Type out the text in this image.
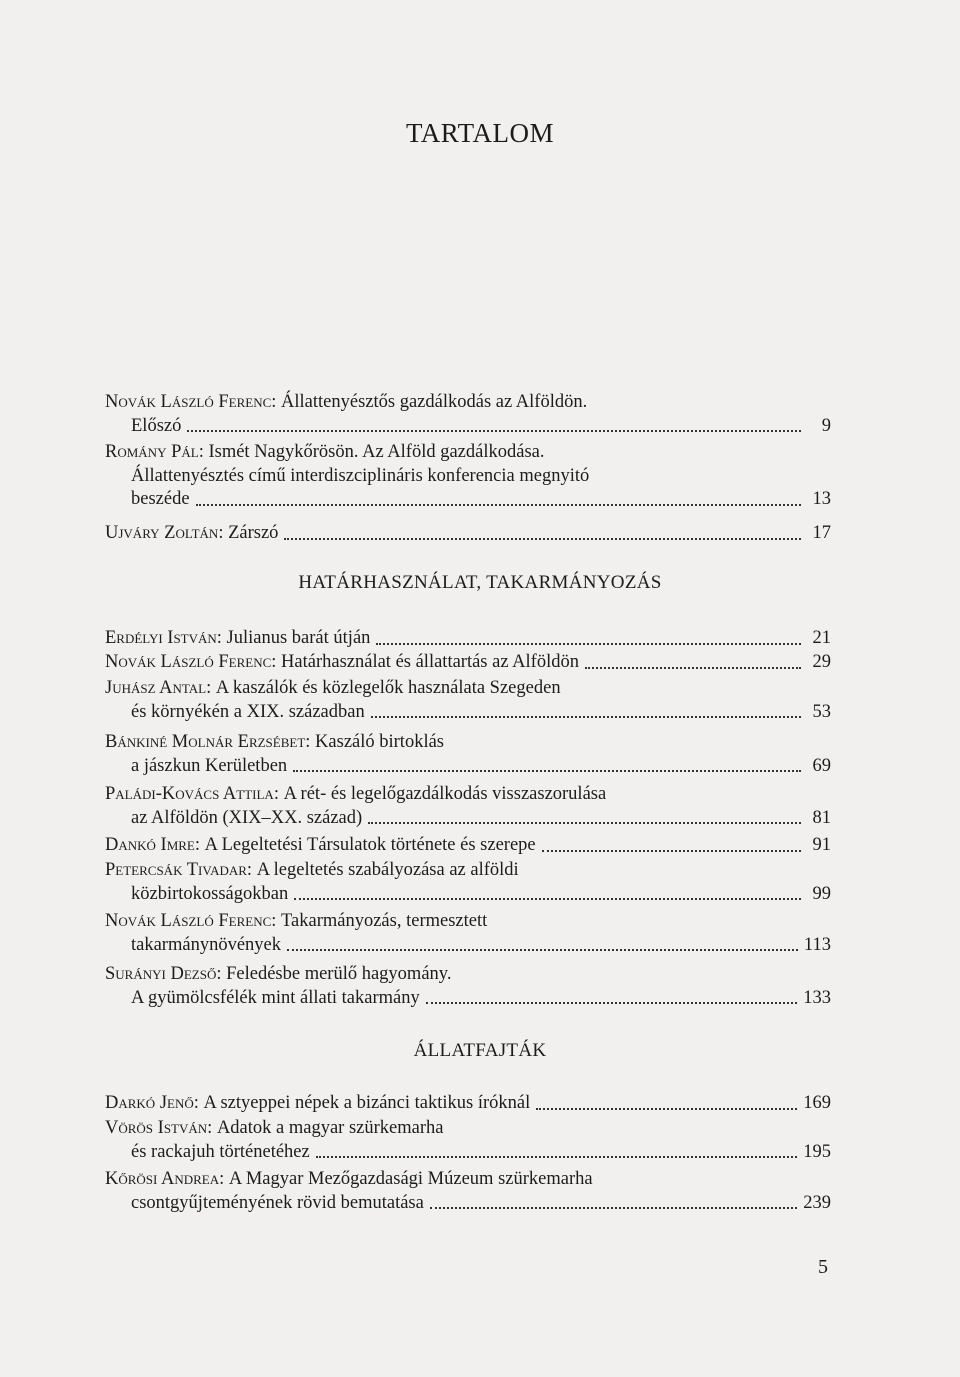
TARTALOM
Novák László Ferenc:
Állattenyésztős gazdálkodás az Alföldön.
Előszó	9
Romány Pál:
Ismét Nagykőrösön. Az Alföld gazdálkodása.
Állattenyésztés című interdiszciplináris konferencia megnyitó
beszéde	13
Ujváry Zoltán:
Zárszó	17
HATÁRHASZNÁLAT, TAKARMÁNYOZÁS
Erdélyi István:
Julianus barát útján	21
Novák László Ferenc:
Határhasználat és állattartás az Alföldön	29
Juhász Antal:
A kaszálók és közlegelők használata Szegeden
és környékén a XIX. században	53
Bánkiné Molnár Erzsébet:
Kaszáló birtoklás
a jászkun Kerületben	69
Paládi-Kovács Attila:
A rét- és legelőgazdálkodás visszaszorulása
az Alföldön (XIX–XX. század)	81
Dankó Imre:
A Legeltetési Társulatok története és szerepe	91
Petercsák Tivadar:
A legeltetés szabályozása az alföldi
közbirtokosságokban	99
Novák László Ferenc:
Takarmányozás, termesztett
takarmánynövények	113
Surányi Dezső:
Feledésbe merülő hagyomány.
A gyümölcsfélék mint állati takarmány	133
ÁLLATFAJTÁK
Darkó Jenő:
A sztyeppei népek a bizánci taktikus íróknál	169
Vörös István:
Adatok a magyar szürkemarha
és rackajuh történetéhez	195
Kőrösi Andrea:
A Magyar Mezőgazdasági Múzeum szürkemarha
csontgyűjteményének rövid bemutatása	239
5
